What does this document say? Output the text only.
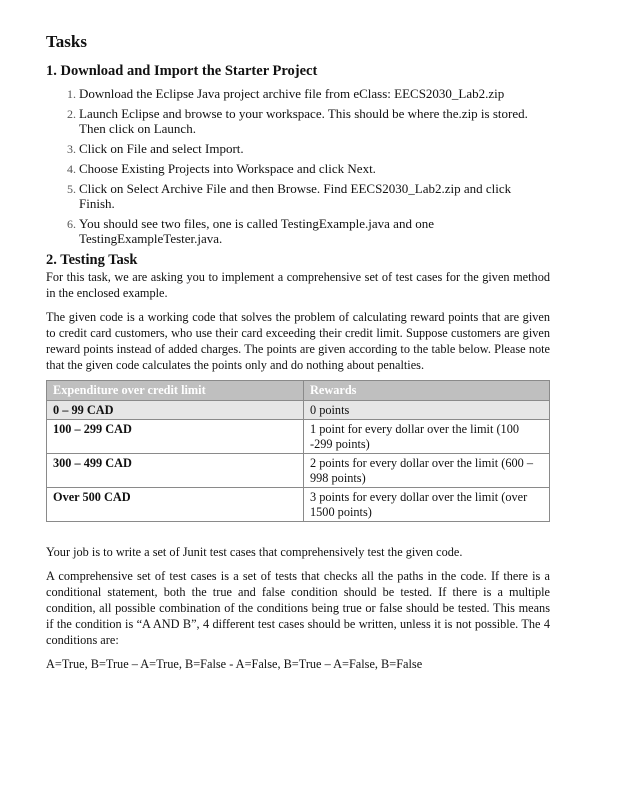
Tasks
1. Download and Import the Starter Project
1. Download the Eclipse Java project archive file from eClass: EECS2030_Lab2.zip
2. Launch Eclipse and browse to your workspace. This should be where the.zip is stored. Then click on Launch.
3. Click on File and select Import.
4. Choose Existing Projects into Workspace and click Next.
5. Click on Select Archive File and then Browse. Find EECS2030_Lab2.zip and click Finish.
6. You should see two files, one is called TestingExample.java and one TestingExampleTester.java.
2. Testing Task

For this task, we are asking you to implement a comprehensive set of test cases for the given method in the enclosed example.

The given code is a working code that solves the problem of calculating reward points that are given to credit card customers, who use their card exceeding their credit limit. Suppose customers are given reward points instead of added charges. The points are given according to the table below. Please note that the given code calculates the points only and do nothing about penalties.

Expenditure over credit limit	Rewards
0 – 99 CAD	0 points
100 – 299 CAD	1 point for every dollar over the limit (100 -299 points)
300 – 499 CAD	2 points for every dollar over the limit (600 – 998 points)
Over 500 CAD	3 points for every dollar over the limit (over 1500 points)

Your job is to write a set of Junit test cases that comprehensively test the given code.

A comprehensive set of test cases is a set of tests that checks all the paths in the code. If there is a conditional statement, both the true and false condition should be tested. If there is a multiple condition, all possible combination of the conditions being true or false should be tested. This means if the condition is “A AND B”, 4 different test cases should be written, unless it is not possible. The 4 conditions are:

A=True, B=True – A=True, B=False - A=False, B=True – A=False, B=False
